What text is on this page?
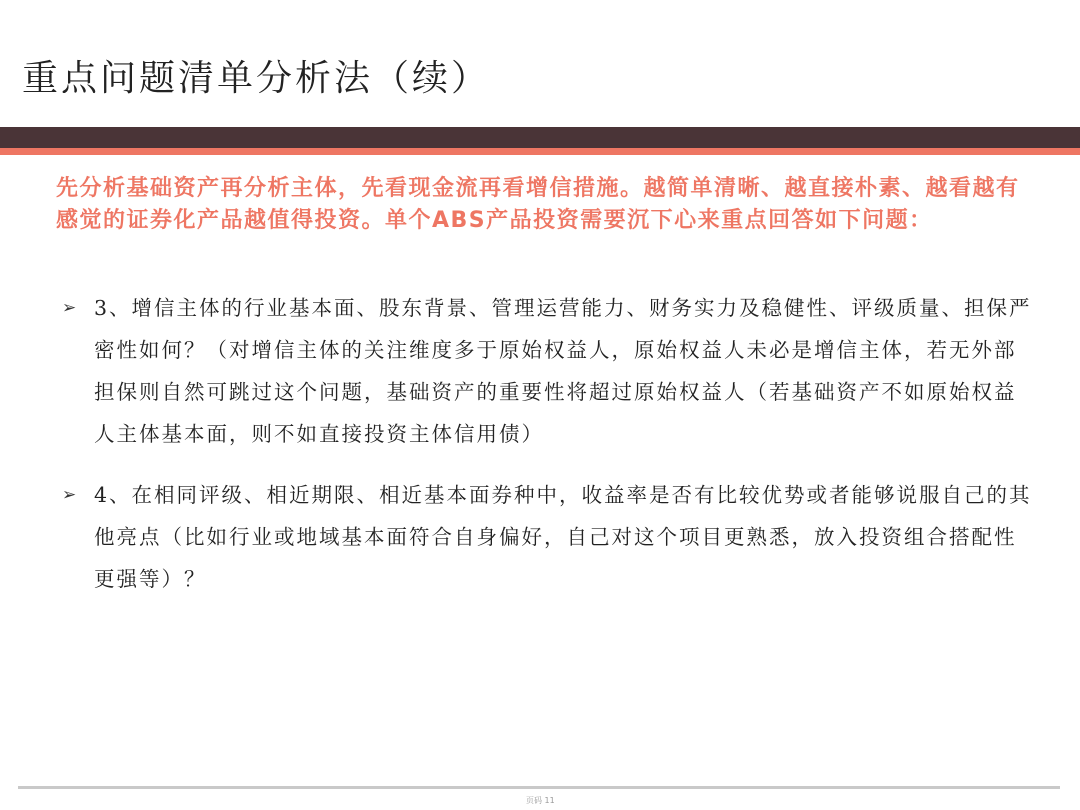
重点问题清单分析法（续）

先分析基础资产再分析主体，先看现金流再看增信措施。越简单清晰、越直接朴素、越看越有感觉的证券化产品越值得投资。单个ABS产品投资需要沉下心来重点回答如下问题：

➢ 3、增信主体的行业基本面、股东背景、管理运营能力、财务实力及稳健性、评级质量、担保严密性如何？（对增信主体的关注维度多于原始权益人，原始权益人未必是增信主体，若无外部担保则自然可跳过这个问题，基础资产的重要性将超过原始权益人（若基础资产不如原始权益人主体基本面，则不如直接投资主体信用债）

➢ 4、在相同评级、相近期限、相近基本面券种中，收益率是否有比较优势或者能够说服自己的其他亮点（比如行业或地域基本面符合自身偏好，自己对这个项目更熟悉，放入投资组合搭配性更强等）？

页码 11
